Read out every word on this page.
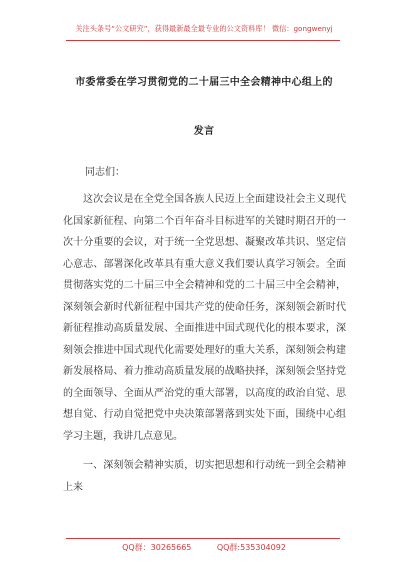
关注头条号“公文研究”，获得最新最全最专业的公文资料库！ 微信：gongwenyj
市委常委在学习贯彻党的二十届三中全会精神中心组上的
发言
同志们：
这次会议是在全党全国各族人民迈上全面建设社会主义现代化国家新征程、向第二个百年奋斗目标进军的关键时期召开的一次十分重要的会议，对于统一全党思想、凝聚改革共识、坚定信心意志、部署深化改革具有重大意义我们要认真学习领会。全面贯彻落实党的二十届三中全会精神和党的二十届三中全会精神，深刻领会新时代新征程中国共产党的使命任务，深刻领会新时代新征程推动高质量发展、全面推进中国式现代化的根本要求，深刻领会推进中国式现代化需要处理好的重大关系，深刻领会构建新发展格局、着力推动高质量发展的战略抉择，深刻领会坚持党的全面领导、全面从严治党的重大部署，以高度的政治自觉、思想自觉、行动自觉把党中央决策部署落到实处下面，围绕中心组学习主题，我讲几点意见。
一、深刻领会精神实质，切实把思想和行动统一到全会精神上来
QQ群：30265665          QQ群:535304092
